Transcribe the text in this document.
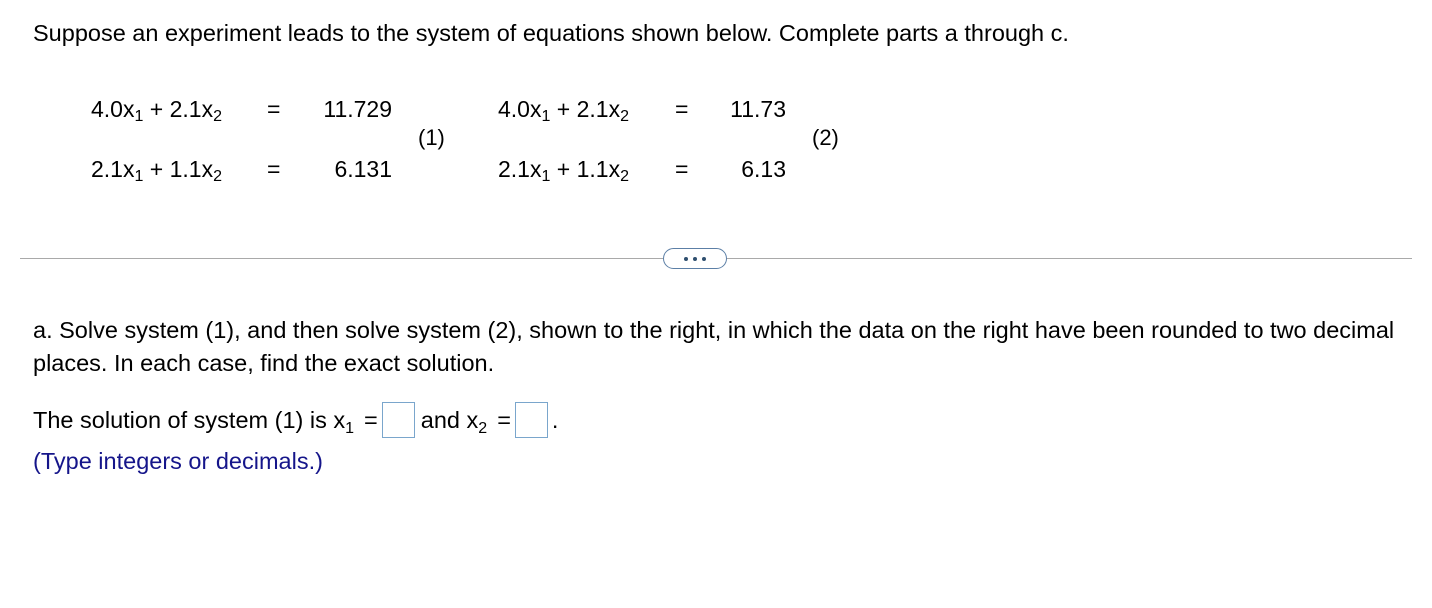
Suppose an experiment leads to the system of equations shown below. Complete parts a through c.
$4.0x_1 + 2.1x_2$ =	11.729
$2.1x_1 + 1.1x_2$ =	6.131
(1)
$4.0x_1 + 2.1x_2$ =	11.73
$2.1x_1 + 1.1x_2$ =	6.13
(2)
a. Solve system (1), and then solve system (2), shown to the right, in which the data on the right have been rounded to two decimal places. In each case, find the exact solution.
The solution of system (1) is $x_1$ = and $x_2$ = .
(Type integers or decimals.)
